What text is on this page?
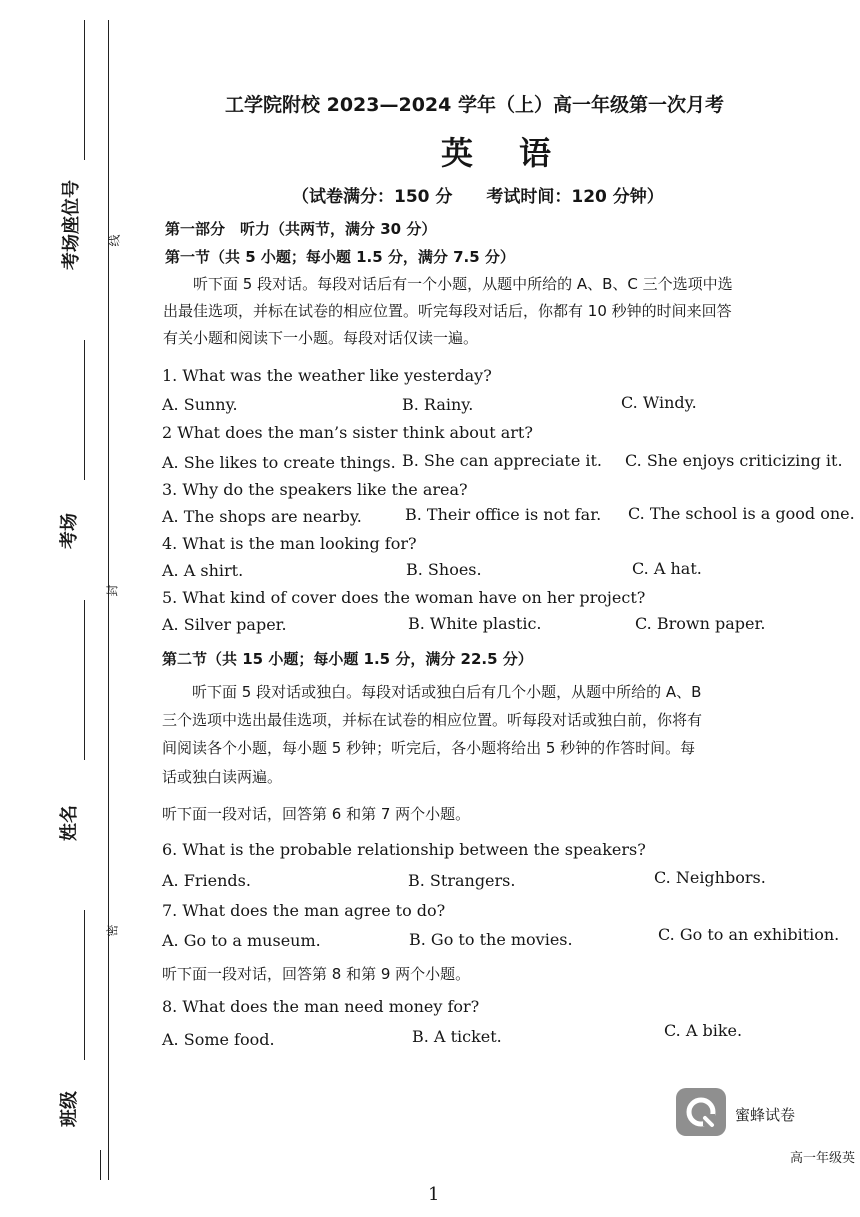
考场座位号 线
考场
封
姓名
密
班级
工学院附校 2023—2024 学年（上）高一年级第一次月考
英语
（试卷满分：150 分　　考试时间：120 分钟）
第一部分　听力（共两节，满分 30 分）
第一节（共 5 小题；每小题 1.5 分，满分 7.5 分）
　　听下面 5 段对话。每段对话后有一个小题，从题中所给的 A、B、C 三个选项中选
出最佳选项，并标在试卷的相应位置。听完每段对话后，你都有 10 秒钟的时间来回答
有关小题和阅读下一小题。每段对话仅读一遍。
1. What was the weather like yesterday?
A. Sunny.	B. Rainy.	C. Windy.
2 What does the man’s sister think about art?
A. She likes to create things. B. She can appreciate it. C. She enjoys criticizing it.
3. Why do the speakers like the area?
A. The shops are nearby.	B. Their office is not far. C. The school is a good one.
4. What is the man looking for?
A. A shirt.	B. Shoes.	C. A hat.
5. What kind of cover does the woman have on her project?
A. Silver paper.	B. White plastic.	C. Brown paper.
第二节（共 15 小题；每小题 1.5 分，满分 22.5 分）
　　听下面 5 段对话或独白。每段对话或独白后有几个小题，从题中所给的 A、B
三个选项中选出最佳选项，并标在试卷的相应位置。听每段对话或独白前，你将有
间阅读各个小题，每小题 5 秒钟；听完后，各小题将给出 5 秒钟的作答时间。每
话或独白读两遍。
听下面一段对话，回答第 6 和第 7 两个小题。
6. What is the probable relationship between the speakers?
A. Friends.	B. Strangers.	C. Neighbors.
7. What does the man agree to do?
A. Go to a museum.	B. Go to the movies.	C. Go to an exhibition.
听下面一段对话，回答第 8 和第 9 两个小题。
8. What does the man need money for?
A. Some food.	B. A ticket.	C. A bike.
蜜蜂试卷
高一年级英
1
